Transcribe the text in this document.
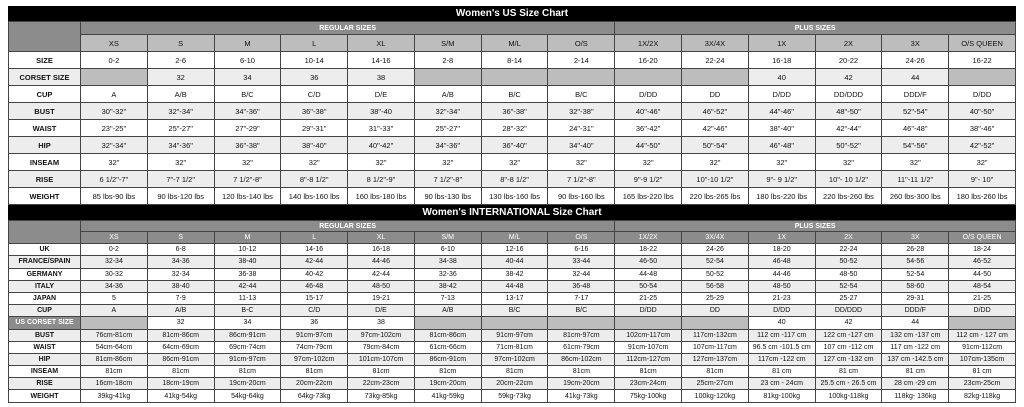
Women's US Size Chart
	REGULAR SIZES								PLUS SIZES					
	XS	S	M	L	XL	S/M	M/L	O/S	1X/2X	3X/4X	1X	2X	3X	O/S QUEEN
SIZE	0-2	2-6	6-10	10-14	14-16	2-8	8-14	2-14	16-20	22-24	16-18	20-22	24-26	16-22
CORSET SIZE		32	34	36	38						40	42	44	
CUP	A	A/B	B/C	C/D	D/E	A/B	B/C	B/C	D/DD	DD	D/DD	DD/DDD	DDD/F	D/DD
BUST	30"-32"	32"-34"	34"-36"	36"-38"	38"-40	32"-34"	36"-38"	32"-38"	40"-46"	46"-52"	44"-46"	48"-50"	52"-54"	40"-50"
WAIST	23"-25"	25"-27"	27"-29"	29"-31"	31"-33"	25"-27"	28"-32"	24"-31"	36"-42"	42"-46"	38"-40"	42"-44"	46"-48"	38"-46"
HIP	32"-34"	34"-36"	36"-38"	38"-40"	40"-42"	34"-36"	36"-40"	34"-40"	44"-50"	50"-54"	46"-48"	50"-52"	54"-56"	42"-52"
INSEAM	32"	32"	32"	32"	32"	32"	32"	32"	32"	32"	32"	32"	32"	32"
RISE	6 1/2"-7"	7"-7 1/2"	7 1/2"-8"	8"-8 1/2"	8 1/2"-9"	7 1/2"-8"	8"-8 1/2"	7 1/2"-8"	9"-9 1/2"	10"-10 1/2"	9"- 9 1/2"	10"- 10 1/2"	11"-11 1/2"	9"- 10"
WEIGHT	85 lbs-90 lbs	90 lbs-120 lbs	120 lbs-140 lbs	140 lbs-160 lbs	160 lbs-180 lbs	90 lbs-130 lbs	130 lbs-160 lbs	90 lbs-160 lbs	165 lbs-220 lbs	220 lbs-265 lbs	180 lbs-220 lbs	220 lbs-260 lbs	260 lbs-300 lbs	180 lbs-260 lbs
Women's INTERNATIONAL Size Chart
	REGULAR SIZES								PLUS SIZES					
	XS	S	M	L	XL	S/M	M/L	O/S	1X/2X	3X/4X	1X	2X	3X	O/S QUEEN
UK	0-2	6-8	10-12	14-16	16-18	6-10	12-16	6-16	18-22	24-26	18-20	22-24	26-28	18-24
FRANCE/SPAIN	32-34	34-36	38-40	42-44	44-46	34-38	40-44	33-44	46-50	52-54	46-48	50-52	54-56	46-52
GERMANY	30-32	32-34	36-38	40-42	42-44	32-36	38-42	32-44	44-48	50-52	44-46	48-50	52-54	44-50
ITALY	34-36	38-40	42-44	46-48	48-50	38-42	44-48	36-48	50-54	56-58	48-50	52-54	58-60	48-54
JAPAN	5	7-9	11-13	15-17	19-21	7-13	13-17	7-17	21-25	25-29	21-23	25-27	29-31	21-25
CUP	A	A/B	B-C	C/D	D/E	A/B	B/C	B/C	D/DD	DD	D/DD	DD/DDD	DDD/F	D/DD
US CORSET SIZE		32	34	36	38						40	42	44	
BUST	76cm-81cm	81cm-86cm	86cm-91cm	91cm-97cm	97cm-102cm	81cm-86cm	91cm-97cm	81cm-97cm	102cm-117cm	117cm-132cm	112 cm -117 cm	122 cm -127 cm	132 cm -137 cm	112 cm - 127 cm
WAIST	54cm-64cm	64cm-69cm	69cm-74cm	74cm-79cm	79cm-84cm	61cm-66cm	71cm-81cm	61cm-79cm	91cm-107cm	107cm-117cm	96.5 cm -101.5 cm	107 cm -112 cm	117 cm -122 cm	91cm-112cm
HIP	81cm-86cm	86cm-91cm	91cm-97cm	97cm-102cm	101cm-107cm	86cm-91cm	97cm-102cm	86cm-102cm	112cm-127cm	127cm-137cm	117cm -122 cm	127 cm -132 cm	137 cm -142.5 cm	107cm-135cm
INSEAM	81cm	81cm	81cm	81cm	81cm	81cm	81cm	81cm	81cm	81cm	81 cm	81 cm	81 cm	81 cm
RISE	16cm-18cm	18cm-19cm	19cm-20cm	20cm-22cm	22cm-23cm	19cm-20cm	20cm-22cm	19cm-20cm	23cm-24cm	25cm-27cm	23 cm - 24cm	25.5 cm - 26.5 cm	28 cm -29 cm	23cm-25cm
WEIGHT	39kg-41kg	41kg-54kg	54kg-64kg	64kg-73kg	73kg-85kg	41kg-59kg	59kg-73kg	41kg-73kg	75kg-100kg	100kg-120kg	81kg-100kg	100kg-118kg	118kg- 136kg	82kg-118kg
